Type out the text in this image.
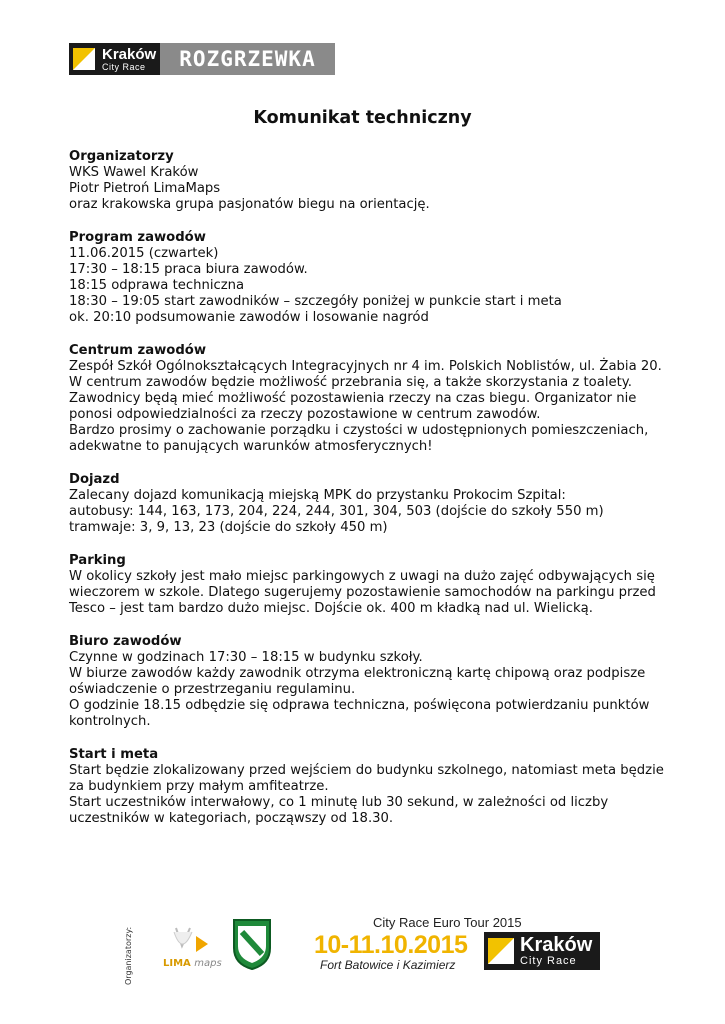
Kraków
City Race	ROZGRZEWKA
Komunikat techniczny
Organizatorzy
WKS Wawel Kraków
Piotr Pietroń LimaMaps
oraz krakowska grupa pasjonatów biegu na orientację.
Program zawodów
11.06.2015 (czwartek)
17:30 – 18:15 praca biura zawodów.
18:15 odprawa techniczna
18:30 – 19:05 start zawodników – szczegóły poniżej w punkcie start i meta
ok. 20:10 podsumowanie zawodów i losowanie nagród
Centrum zawodów
Zespół Szkół Ogólnokształcących Integracyjnych nr 4 im. Polskich Noblistów, ul. Żabia 20.
W centrum zawodów będzie możliwość przebrania się, a także skorzystania z toalety.
Zawodnicy będą mieć możliwość pozostawienia rzeczy na czas biegu. Organizator nie
ponosi odpowiedzialności za rzeczy pozostawione w centrum zawodów.
Bardzo prosimy o zachowanie porządku i czystości w udostępnionych pomieszczeniach,
adekwatne to panujących warunków atmosferycznych!
Dojazd
Zalecany dojazd komunikacją miejską MPK do przystanku Prokocim Szpital:
autobusy: 144, 163, 173, 204, 224, 244, 301, 304, 503 (dojście do szkoły 550 m)
tramwaje: 3, 9, 13, 23 (dojście do szkoły 450 m)
Parking
W okolicy szkoły jest mało miejsc parkingowych z uwagi na dużo zajęć odbywających się
wieczorem w szkole. Dlatego sugerujemy pozostawienie samochodów na parkingu przed
Tesco – jest tam bardzo dużo miejsc. Dojście ok. 400 m kładką nad ul. Wielicką.
Biuro zawodów
Czynne w godzinach 17:30 – 18:15 w budynku szkoły.
W biurze zawodów każdy zawodnik otrzyma elektroniczną kartę chipową oraz podpisze
oświadczenie o przestrzeganiu regulaminu.
O godzinie 18.15 odbędzie się odprawa techniczna, poświęcona potwierdzaniu punktów
kontrolnych.
Start i meta
Start będzie zlokalizowany przed wejściem do budynku szkolnego, natomiast meta będzie
za budynkiem przy małym amfiteatrze.
Start uczestników interwałowy, co 1 minutę lub 30 sekund, w zależności od liczby
uczestników w kategoriach, począwszy od 18.30.
Organizatorzy:	LIMA maps
City Race Euro Tour 2015
10-11.10.2015
Fort Batowice i Kazimierz
Kraków
City Race
